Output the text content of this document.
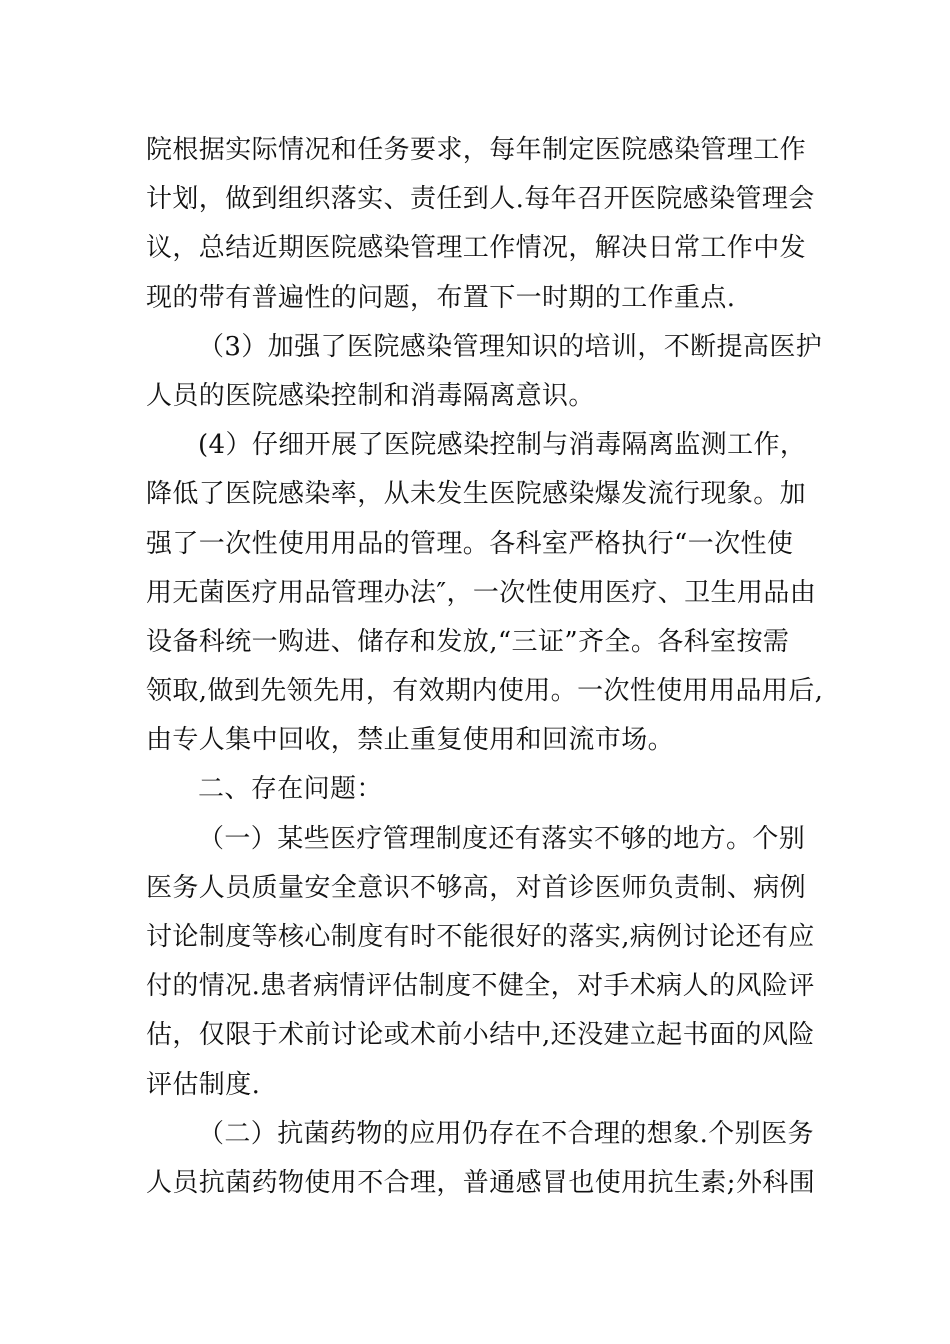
院根据实际情况和任务要求，每年制定医院感染管理工作
计划，做到组织落实、责任到人.每年召开医院感染管理会
议，总结近期医院感染管理工作情况，解决日常工作中发
现的带有普遍性的问题，布置下一时期的工作重点.
（3）加强了医院感染管理知识的培训，不断提高医护
人员的医院感染控制和消毒隔离意识。
(4）仔细开展了医院感染控制与消毒隔离监测工作，
降低了医院感染率，从未发生医院感染爆发流行现象。加
强了一次性使用用品的管理。各科室严格执行“一次性使
用无菌医疗用品管理办法″，一次性使用医疗、卫生用品由
设备科统一购进、储存和发放,“三证”齐全。各科室按需
领取,做到先领先用，有效期内使用。一次性使用用品用后,
由专人集中回收，禁止重复使用和回流市场。
二、存在问题：
（一）某些医疗管理制度还有落实不够的地方。个别
医务人员质量安全意识不够高，对首诊医师负责制、病例
讨论制度等核心制度有时不能很好的落实,病例讨论还有应
付的情况.患者病情评估制度不健全，对手术病人的风险评
估，仅限于术前讨论或术前小结中,还没建立起书面的风险
评估制度.
（二）抗菌药物的应用仍存在不合理的想象.个别医务
人员抗菌药物使用不合理，普通感冒也使用抗生素;外科围
